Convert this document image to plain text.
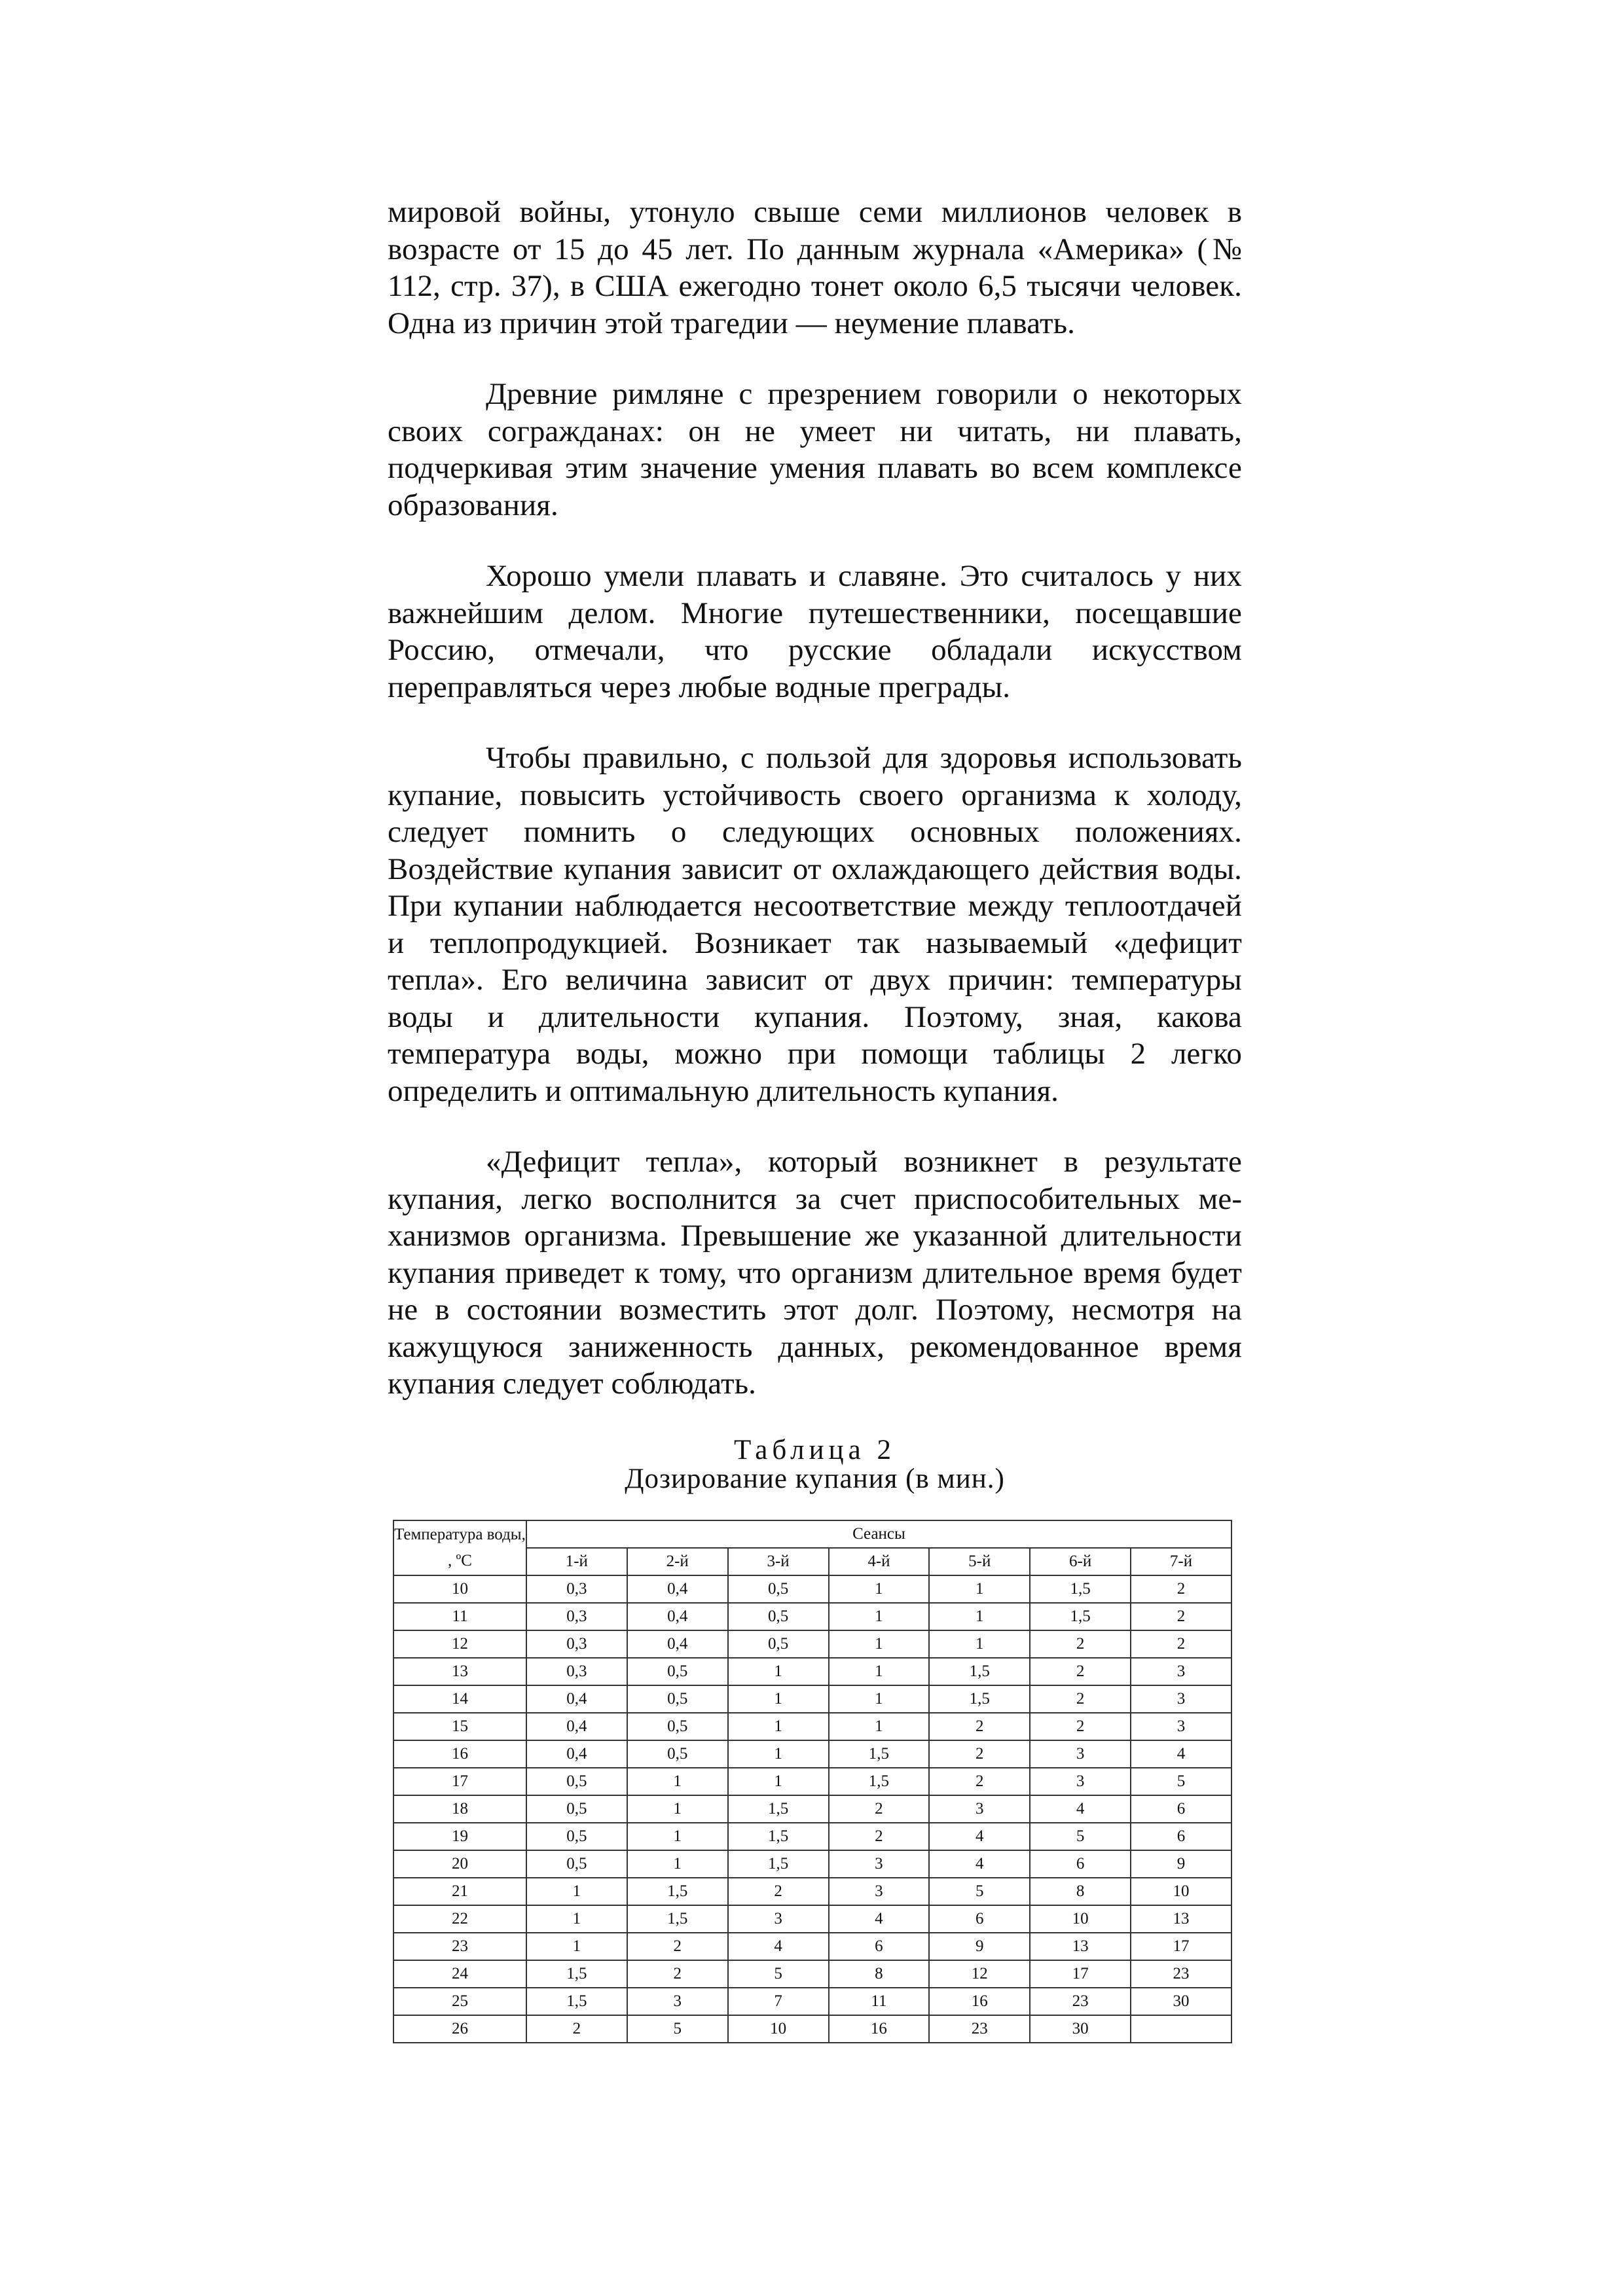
мировой войны, утонуло свыше семи миллионов человек в возрасте от 15 до 45 лет. По данным журнала «Америка» (№ 112, стр. 37), в США ежегодно тонет около 6,5 тысячи человек. Одна из причин этой трагедии — неумение плавать.

Древние римляне с презрением говорили о некоторых своих согражданах: он не умеет ни читать, ни плавать, подчеркивая этим значение умения плавать во всем комплексе образования.

Хорошо умели плавать и славяне. Это считалось у них важнейшим делом. Многие путешественники, посещавшие Россию, отмечали, что русские обладали искусством переправляться через любые водные преграды.

Чтобы правильно, с пользой для здоровья использовать купание, повысить устойчивость своего организма к холоду, следует помнить о следующих основных положениях. Воздействие купания зависит от охлаждающего действия воды. При купании наблюдается несоответствие между теплоотдачей и теплопродукцией. Возникает так называемый «дефицит тепла». Его величина зависит от двух причин: температуры воды и длительности купания. Поэтому, зная, какова температура воды, можно при помощи таблицы 2 легко определить и оптимальную длительность купания.

«Дефицит тепла», который возникнет в результате купания, легко восполнится за счет приспособительных механизмов организма. Превышение же указанной длительности купания приведет к тому, что организм длительное время будет не в состоянии возместить этот долг. Поэтому, несмотря на кажущуюся заниженность данных, рекомендованное время купания следует соблюдать.

Таблица 2
Дозирование купания (в мин.)
Температура воды, , ºС	Сеансы						
	1-й	2-й	3-й	4-й	5-й	6-й	7-й
10	0,3	0,4	0,5	1	1	1,5	2
11	0,3	0,4	0,5	1	1	1,5	2
12	0,3	0,4	0,5	1	1	2	2
13	0,3	0,5	1	1	1,5	2	3
14	0,4	0,5	1	1	1,5	2	3
15	0,4	0,5	1	1	2	2	3
16	0,4	0,5	1	1,5	2	3	4
17	0,5	1	1	1,5	2	3	5
18	0,5	1	1,5	2	3	4	6
19	0,5	1	1,5	2	4	5	6
20	0,5	1	1,5	3	4	6	9
21	1	1,5	2	3	5	8	10
22	1	1,5	3	4	6	10	13
23	1	2	4	6	9	13	17
24	1,5	2	5	8	12	17	23
25	1,5	3	7	11	16	23	30
26	2	5	10	16	23	30	
